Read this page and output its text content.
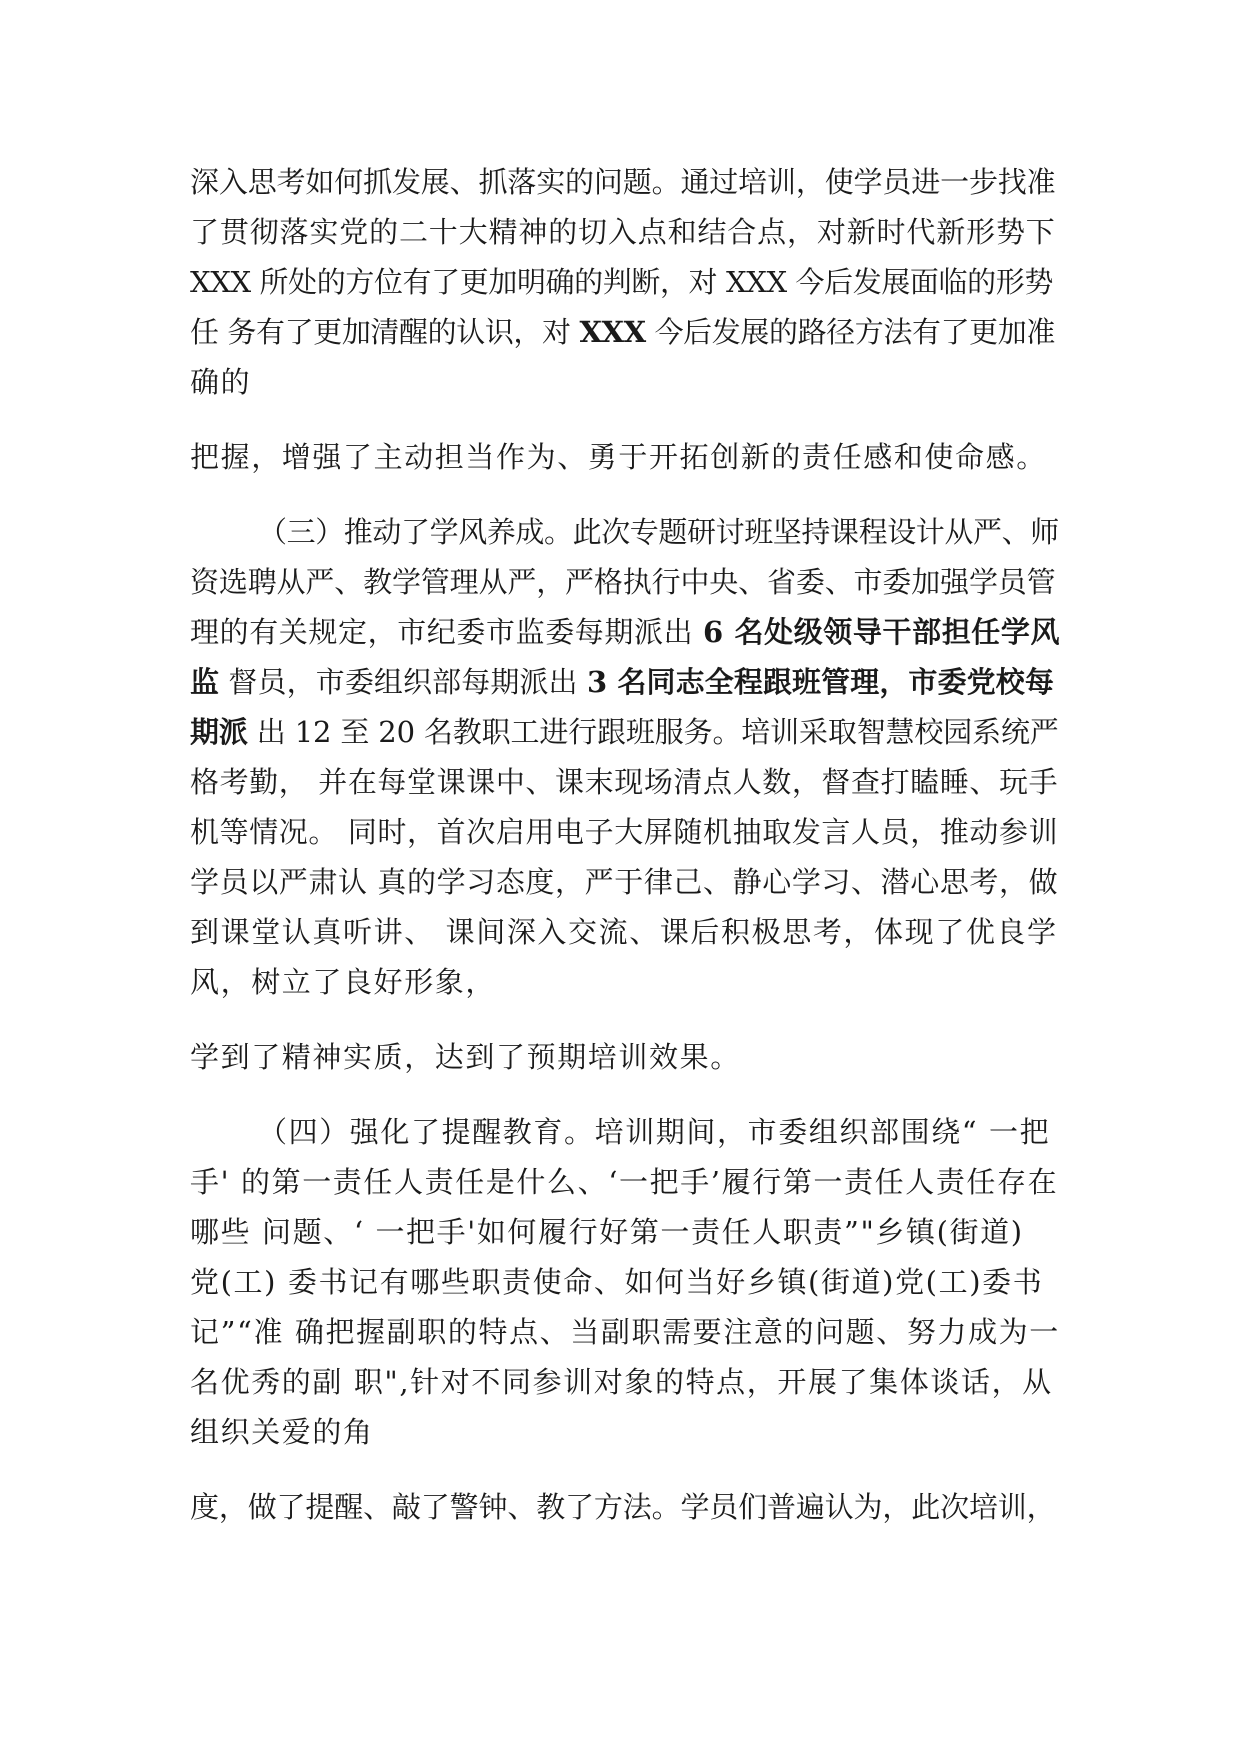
深入思考如何抓发展、抓落实的问题。通过培训，使学员进一步找准
了贯彻落实党的二十大精神的切入点和结合点，对新时代新形势下
XXX 所处的方位有了更加明确的判断，对 XXX 今后发展面临的形势
任 务有了更加清醒的认识，对 XXX 今后发展的路径方法有了更加准
确的
把握，增强了主动担当作为、勇于开拓创新的责任感和使命感。
（三）推动了学风养成。此次专题研讨班坚持课程设计从严、师
资选聘从严、教学管理从严，严格执行中央、省委、市委加强学员管
理的有关规定，市纪委市监委每期派出 6 名处级领导干部担任学风
监 督员，市委组织部每期派出 3 名同志全程跟班管理，市委党校每
期派 出 12 至 20 名教职工进行跟班服务。培训采取智慧校园系统严
格考勤， 并在每堂课课中、课末现场清点人数，督查打瞌睡、玩手
机等情况。 同时，首次启用电子大屏随机抽取发言人员，推动参训
学员以严肃认 真的学习态度，严于律己、静心学习、潜心思考，做
到课堂认真听讲、 课间深入交流、课后积极思考，体现了优良学
风，树立了良好形象，
学到了精神实质，达到了预期培训效果。
（四）强化了提醒教育。培训期间，市委组织部围绕“ 一把
手' 的第一责任人责任是什么、‘一把手’履行第一责任人责任存在
哪些 问题、‘ 一把手'如何履行好第一责任人职责”"乡镇(街道)
党(工) 委书记有哪些职责使命、如何当好乡镇(街道)党(工)委书
记”“准 确把握副职的特点、当副职需要注意的问题、努力成为一
名优秀的副 职",针对不同参训对象的特点，开展了集体谈话，从
组织关爱的角
度，做了提醒、敲了警钟、教了方法。学员们普遍认为，此次培训，
